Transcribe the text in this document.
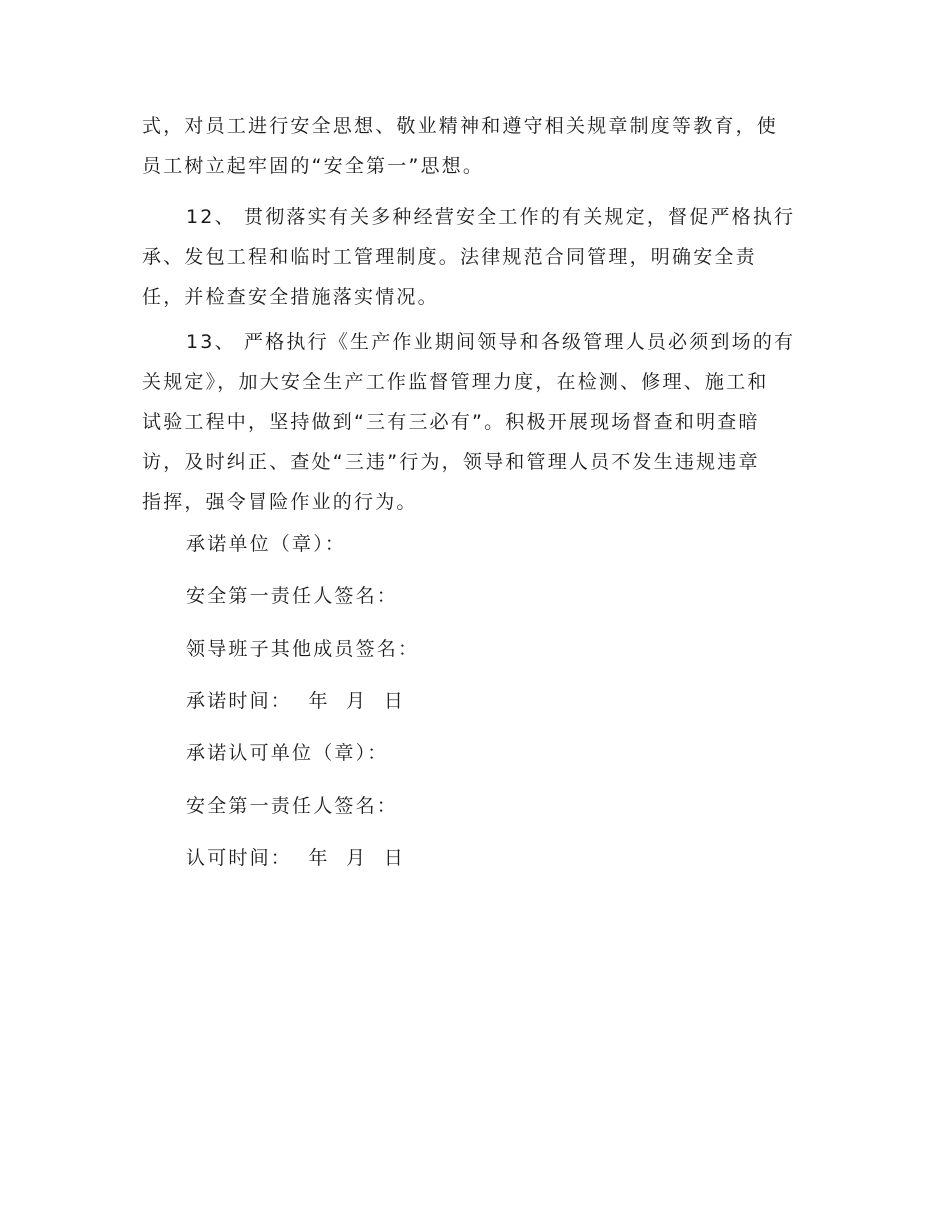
式，对员工进行安全思想、敬业精神和遵守相关规章制度等教育，使
员工树立起牢固的“安全第一”思想。
12、 贯彻落实有关多种经营安全工作的有关规定，督促严格执行
承、发包工程和临时工管理制度。法律规范合同管理，明确安全责
任，并检查安全措施落实情况。
13、 严格执行《生产作业期间领导和各级管理人员必须到场的有
关规定》，加大安全生产工作监督管理力度，在检测、修理、施工和
试验工程中，坚持做到“三有三必有”。积极开展现场督查和明查暗
访，及时纠正、查处“三违”行为，领导和管理人员不发生违规违章
指挥，强令冒险作业的行为。
承诺单位（章）：
安全第一责任人签名：
领导班子其他成员签名：
承诺时间：  年  月  日
承诺认可单位（章）：
安全第一责任人签名：
认可时间：  年  月  日
